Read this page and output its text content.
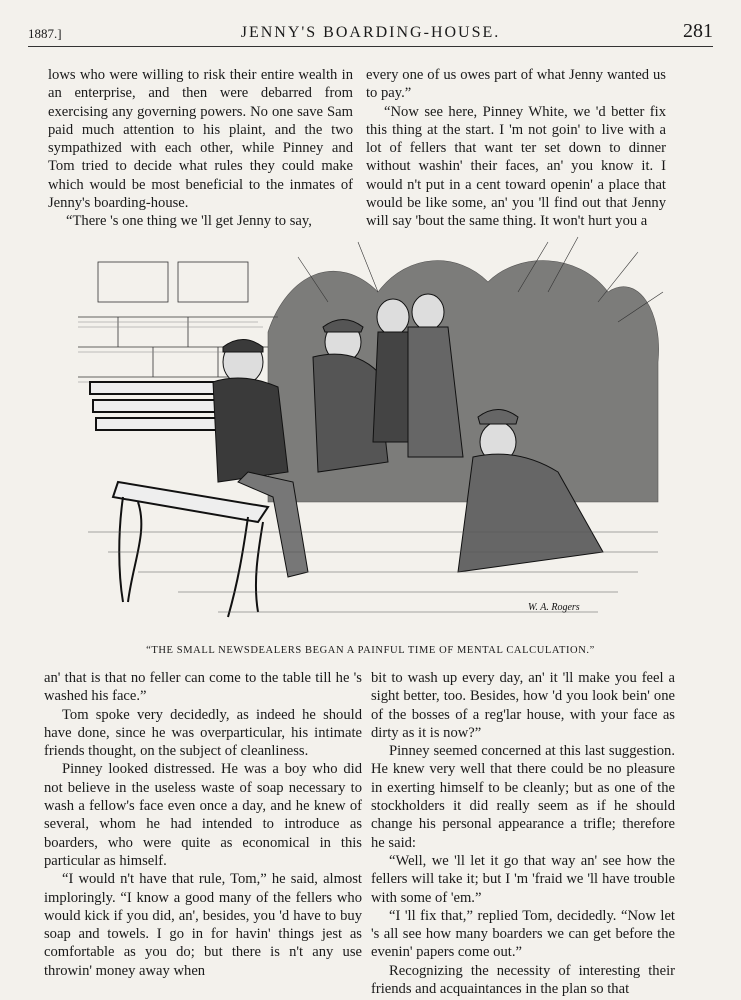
1887.]	JENNY'S BOARDING-HOUSE.	281

lows who were willing to risk their entire wealth in an enterprise, and then were debarred from exercising any governing powers. No one save Sam paid much attention to his plaint, and the two sympathized with each other, while Pinney and Tom tried to decide what rules they could make which would be most beneficial to the inmates of Jenny's boarding-house.

“There 's one thing we 'll get Jenny to say,

every one of us owes part of what Jenny wanted us to pay.”

“Now see here, Pinney White, we 'd better fix this thing at the start. I 'm not goin' to live with a lot of fellers that want ter set down to dinner without washin' their faces, an' you know it. I would n't put in a cent toward openin' a place that would be like some, an' you 'll find out that Jenny will say 'bout the same thing. It won't hurt you a

W. A. Rogers
“THE SMALL NEWSDEALERS BEGAN A PAINFUL TIME OF MENTAL CALCULATION.”

an' that is that no feller can come to the table till he 's washed his face.”

Tom spoke very decidedly, as indeed he should have done, since he was overparticular, his intimate friends thought, on the subject of cleanliness.

Pinney looked distressed. He was a boy who did not believe in the useless waste of soap necessary to wash a fellow's face even once a day, and he knew of several, whom he had intended to introduce as boarders, who were quite as economical in this particular as himself.

“I would n't have that rule, Tom,” he said, almost imploringly. “I know a good many of the fellers who would kick if you did, an', besides, you 'd have to buy soap and towels. I go in for havin' things jest as comfortable as you do; but there is n't any use throwin' money away when

bit to wash up every day, an' it 'll make you feel a sight better, too. Besides, how 'd you look bein' one of the bosses of a reg'lar house, with your face as dirty as it is now?”

Pinney seemed concerned at this last suggestion. He knew very well that there could be no pleasure in exerting himself to be cleanly; but as one of the stockholders it did really seem as if he should change his personal appearance a trifle; therefore he said:

“Well, we 'll let it go that way an' see how the fellers will take it; but I 'm 'fraid we 'll have trouble with some of 'em.”

“I 'll fix that,” replied Tom, decidedly. “Now let 's all see how many boarders we can get before the evenin' papers come out.”

Recognizing the necessity of interesting their friends and acquaintances in the plan so that
